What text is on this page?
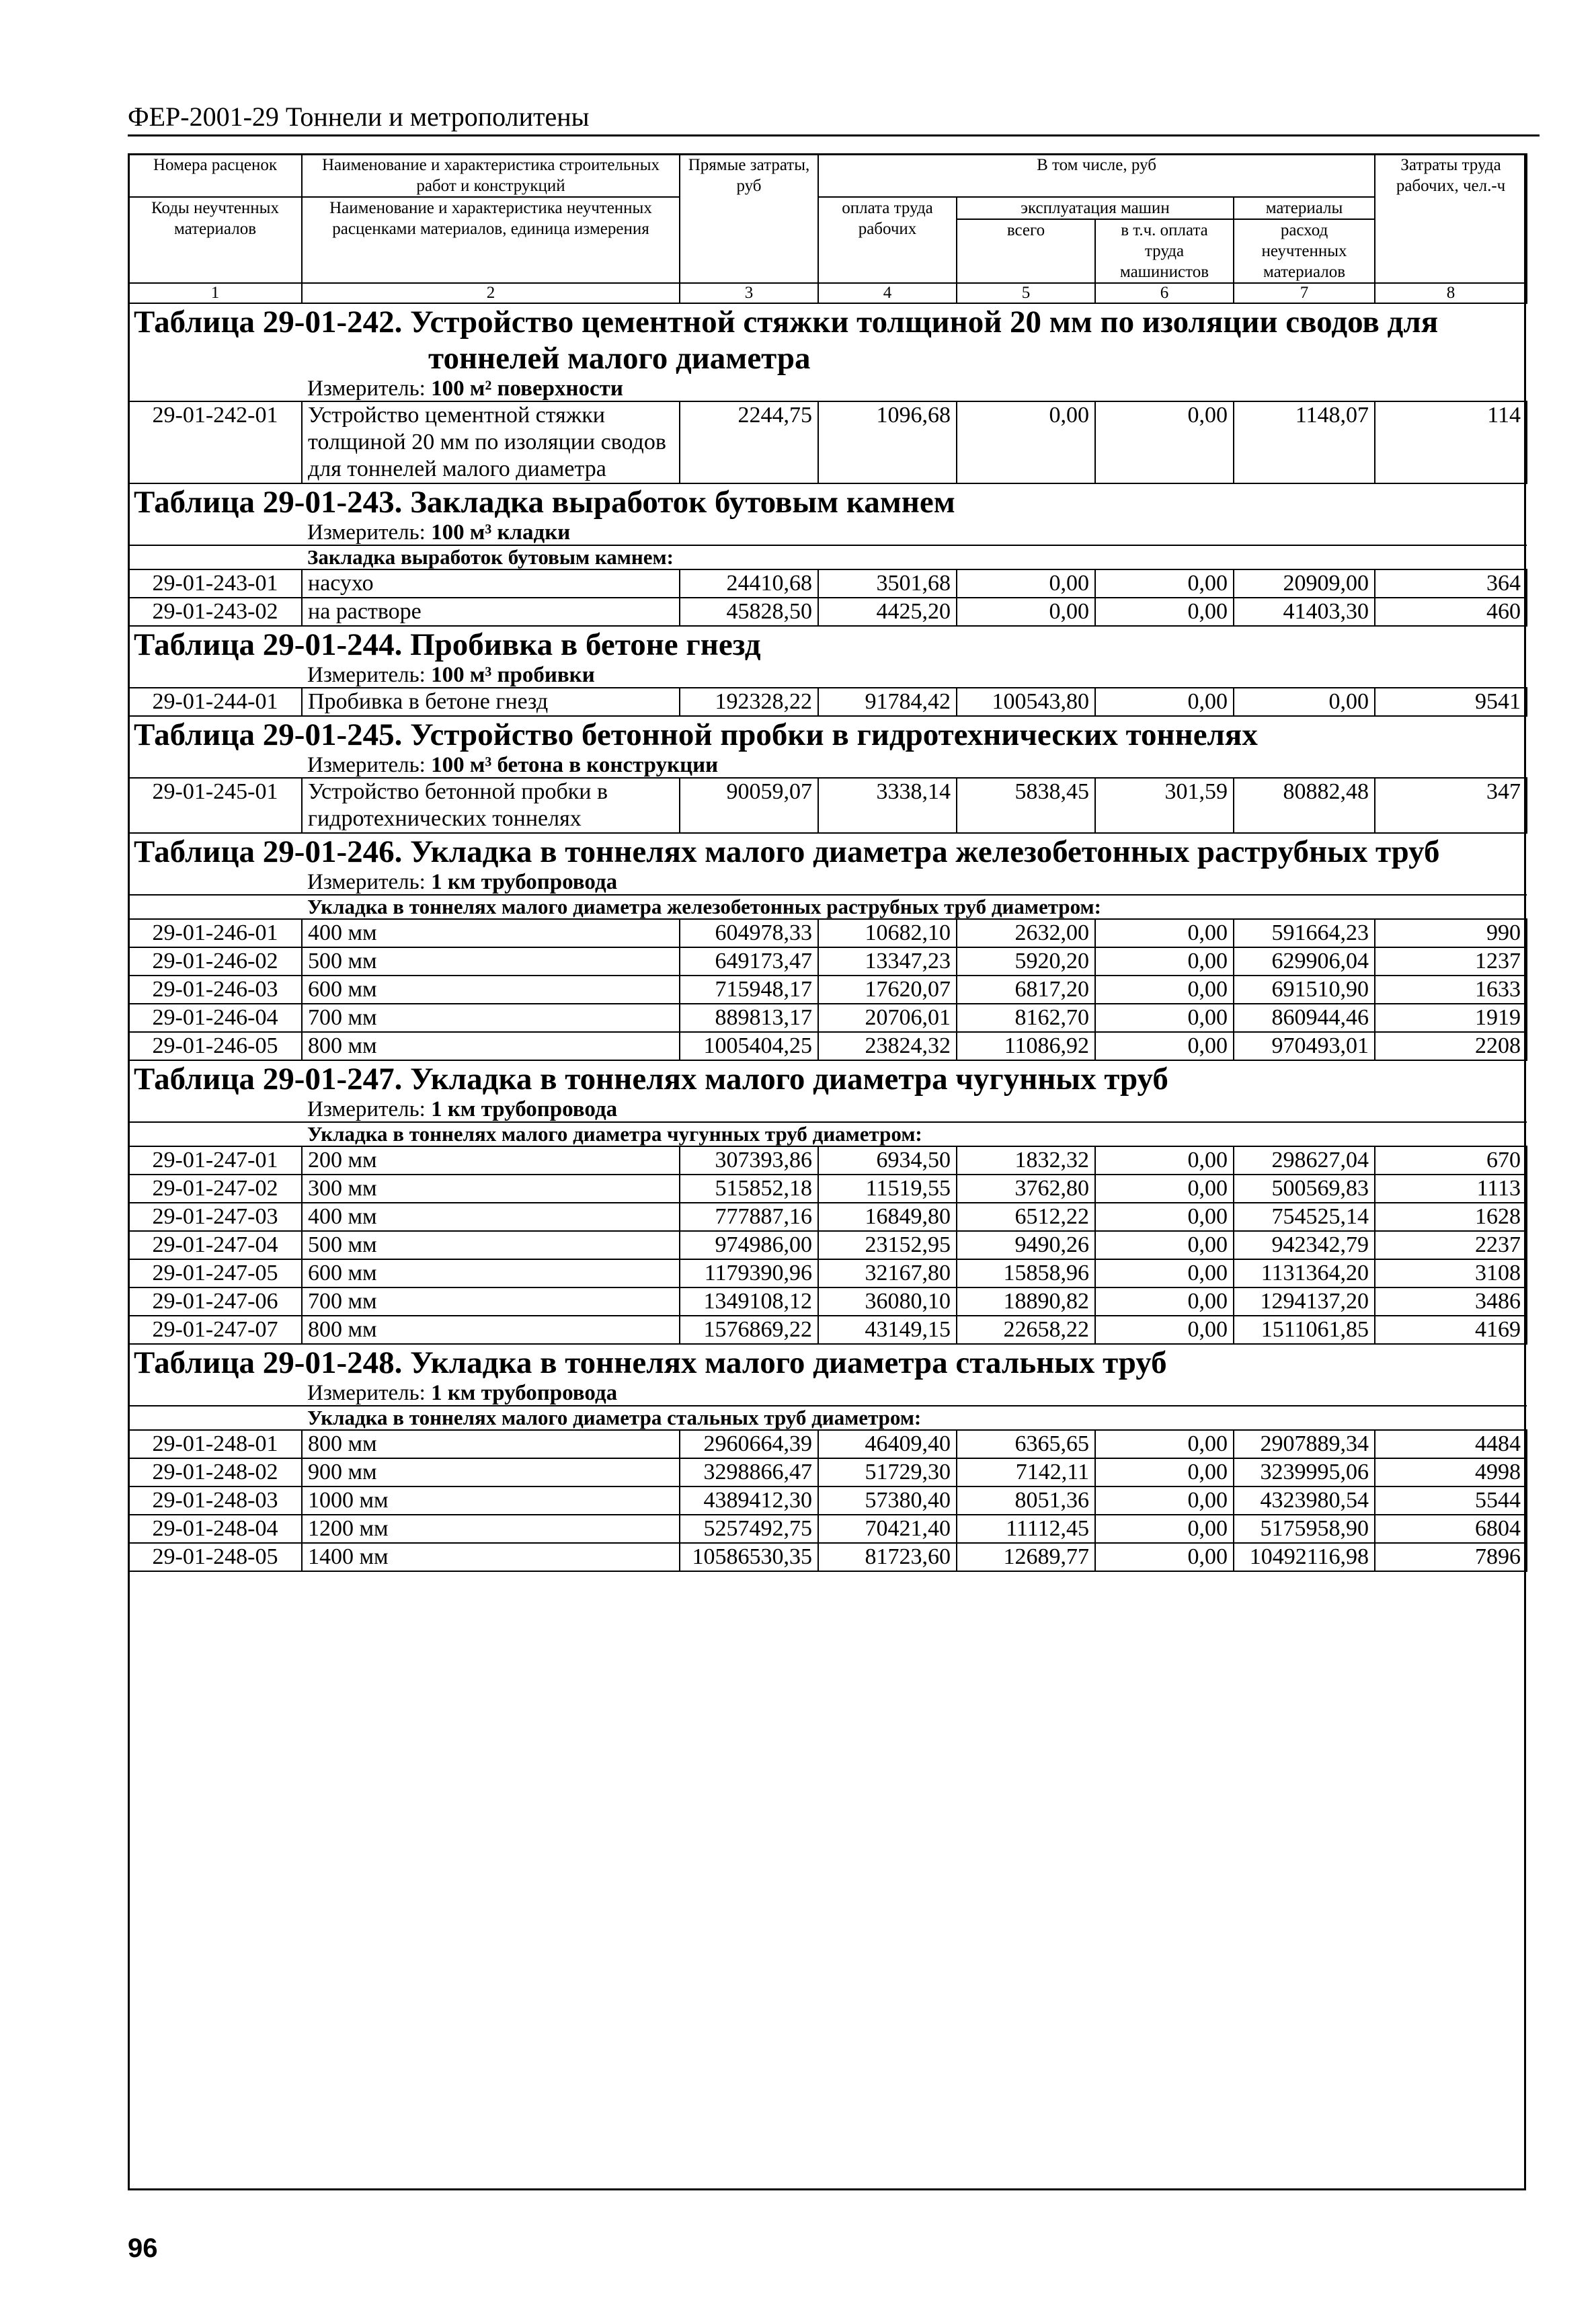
ФЕР-2001-29 Тоннели и метрополитены
Номера расценок	Наименование и характеристика строительных работ и конструкций	Прямые затраты, руб	В том числе, руб				Затраты труда рабочих, чел.-ч
Коды неучтенных материалов	Наименование и характеристика неучтенных расценками материалов, единица измерения		оплата труда рабочих	эксплуатация машин		материалы	
				всего	в т.ч. оплата труда машинистов	расход неучтенных материалов	
1	2	3	4	5	6	7	8
Таблица 29-01-242. Устройство цементной стяжки толщиной 20 мм по изоляции сводов для
тоннелей малого диаметра							

	Измеритель: 100 м² поверхности						
29-01-242-01	Устройство цементной стяжки толщиной 20 мм по изоляции сводов для тоннелей малого диаметра	2244,75	1096,68	0,00	0,00	1148,07	114
Таблица 29-01-243. Закладка выработок бутовым камнем							
	Измеритель: 100 м³ кладки						
	Закладка выработок бутовым камнем:						
29-01-243-01	насухо	24410,68	3501,68	0,00	0,00	20909,00	364
29-01-243-02	на растворе	45828,50	4425,20	0,00	0,00	41403,30	460
Таблица 29-01-244. Пробивка в бетоне гнезд							
	Измеритель: 100 м³ пробивки						
29-01-244-01	Пробивка в бетоне гнезд	192328,22	91784,42	100543,80	0,00	0,00	9541
Таблица 29-01-245. Устройство бетонной пробки в гидротехнических тоннелях							
	Измеритель: 100 м³ бетона в конструкции						
29-01-245-01	Устройство бетонной пробки в гидротехнических тоннелях	90059,07	3338,14	5838,45	301,59	80882,48	347
Таблица 29-01-246. Укладка в тоннелях малого диаметра железобетонных раструбных труб							
	Измеритель: 1 км трубопровода						
	Укладка в тоннелях малого диаметра железобетонных раструбных труб диаметром:						
29-01-246-01	400 мм	604978,33	10682,10	2632,00	0,00	591664,23	990
29-01-246-02	500 мм	649173,47	13347,23	5920,20	0,00	629906,04	1237
29-01-246-03	600 мм	715948,17	17620,07	6817,20	0,00	691510,90	1633
29-01-246-04	700 мм	889813,17	20706,01	8162,70	0,00	860944,46	1919
29-01-246-05	800 мм	1005404,25	23824,32	11086,92	0,00	970493,01	2208
Таблица 29-01-247. Укладка в тоннелях малого диаметра чугунных труб							
	Измеритель: 1 км трубопровода						
	Укладка в тоннелях малого диаметра чугунных труб диаметром:						
29-01-247-01	200 мм	307393,86	6934,50	1832,32	0,00	298627,04	670
29-01-247-02	300 мм	515852,18	11519,55	3762,80	0,00	500569,83	1113
29-01-247-03	400 мм	777887,16	16849,80	6512,22	0,00	754525,14	1628
29-01-247-04	500 мм	974986,00	23152,95	9490,26	0,00	942342,79	2237
29-01-247-05	600 мм	1179390,96	32167,80	15858,96	0,00	1131364,20	3108
29-01-247-06	700 мм	1349108,12	36080,10	18890,82	0,00	1294137,20	3486
29-01-247-07	800 мм	1576869,22	43149,15	22658,22	0,00	1511061,85	4169
Таблица 29-01-248. Укладка в тоннелях малого диаметра стальных труб							
	Измеритель: 1 км трубопровода						
	Укладка в тоннелях малого диаметра стальных труб диаметром:						
29-01-248-01	800 мм	2960664,39	46409,40	6365,65	0,00	2907889,34	4484
29-01-248-02	900 мм	3298866,47	51729,30	7142,11	0,00	3239995,06	4998
29-01-248-03	1000 мм	4389412,30	57380,40	8051,36	0,00	4323980,54	5544
29-01-248-04	1200 мм	5257492,75	70421,40	11112,45	0,00	5175958,90	6804
29-01-248-05	1400 мм	10586530,35	81723,60	12689,77	0,00	10492116,98	7896
96
